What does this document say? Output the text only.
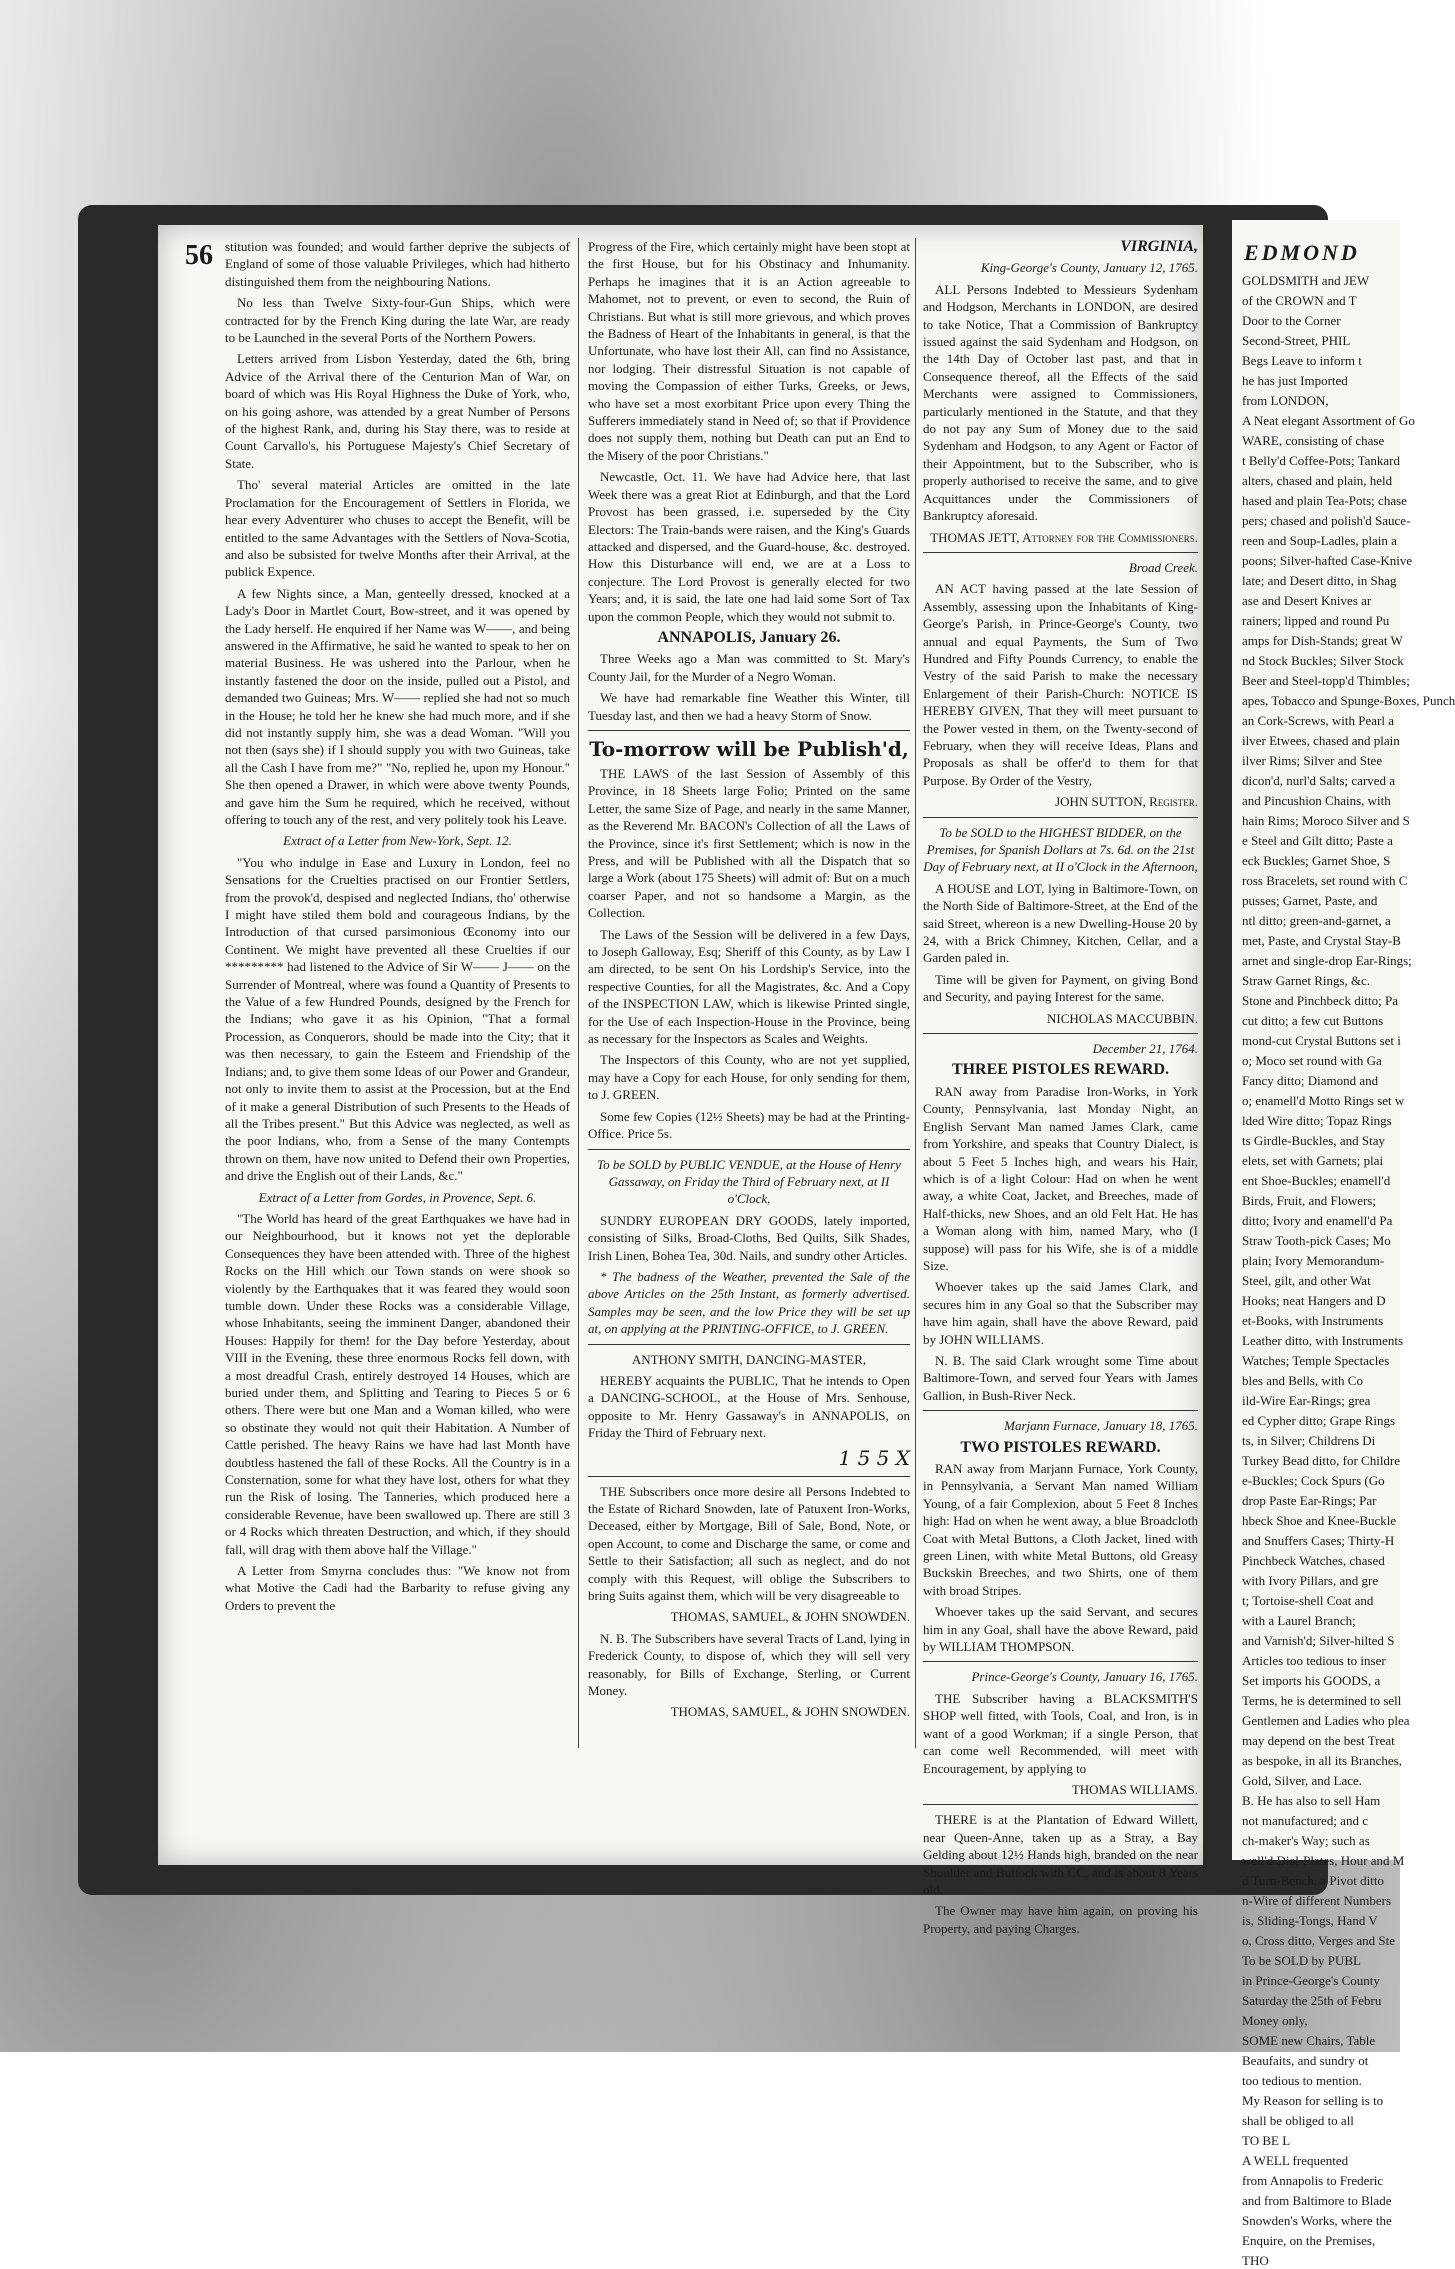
56 stitution was founded; and would farther deprive the subjects of England of some of those valuable Privileges, which had hitherto distinguished them from the neighbouring Nations.

No less than Twelve Sixty-four-Gun Ships, which were contracted for by the French King during the late War, are ready to be Launched in the several Ports of the Northern Powers.

Letters arrived from Lisbon Yesterday, dated the 6th, bring Advice of the Arrival there of the Centurion Man of War, on board of which was His Royal Highness the Duke of York, who, on his going ashore, was attended by a great Number of Persons of the highest Rank, and, during his Stay there, was to reside at Count Carvallo's, his Portuguese Majesty's Chief Secretary of State.

Tho' several material Articles are omitted in the late Proclamation for the Encouragement of Settlers in Florida, we hear every Adventurer who chuses to accept the Benefit, will be entitled to the same Advantages with the Settlers of Nova-Scotia, and also be subsisted for twelve Months after their Arrival, at the publick Expence.

A few Nights since, a Man, genteelly dressed, knocked at a Lady's Door in Martlet Court, Bow-street, and it was opened by the Lady herself. He enquired if her Name was W——, and being answered in the Affirmative, he said he wanted to speak to her on material Business. He was ushered into the Parlour, when he instantly fastened the door on the inside, pulled out a Pistol, and demanded two Guineas; Mrs. W—— replied she had not so much in the House; he told her he knew she had much more, and if she did not instantly supply him, she was a dead Woman. "Will you not then (says she) if I should supply you with two Guineas, take all the Cash I have from me?" "No, replied he, upon my Honour." She then opened a Drawer, in which were above twenty Pounds, and gave him the Sum he required, which he received, without offering to touch any of the rest, and very politely took his Leave.

Extract of a Letter from New-York, Sept. 12.

"You who indulge in Ease and Luxury in London, feel no Sensations for the Cruelties practised on our Frontier Settlers, from the provok'd, despised and neglected Indians, tho' otherwise I might have stiled them bold and courageous Indians, by the Introduction of that cursed parsimonious Œconomy into our Continent. We might have prevented all these Cruelties if our ********* had listened to the Advice of Sir W—— J—— on the Surrender of Montreal, where was found a Quantity of Presents to the Value of a few Hundred Pounds, designed by the French for the Indians; who gave it as his Opinion, "That a formal Procession, as Conquerors, should be made into the City; that it was then necessary, to gain the Esteem and Friendship of the Indians; and, to give them some Ideas of our Power and Grandeur, not only to invite them to assist at the Procession, but at the End of it make a general Distribution of such Presents to the Heads of all the Tribes present." But this Advice was neglected, as well as the poor Indians, who, from a Sense of the many Contempts thrown on them, have now united to Defend their own Properties, and drive the English out of their Lands, &c."

Extract of a Letter from Gordes, in Provence, Sept. 6.

"The World has heard of the great Earthquakes we have had in our Neighbourhood, but it knows not yet the deplorable Consequences they have been attended with. Three of the highest Rocks on the Hill which our Town stands on were shook so violently by the Earthquakes that it was feared they would soon tumble down. Under these Rocks was a considerable Village, whose Inhabitants, seeing the imminent Danger, abandoned their Houses: Happily for them! for the Day before Yesterday, about VIII in the Evening, these three enormous Rocks fell down, with a most dreadful Crash, entirely destroyed 14 Houses, which are buried under them, and Splitting and Tearing to Pieces 5 or 6 others. There were but one Man and a Woman killed, who were so obstinate they would not quit their Habitation. A Number of Cattle perished. The heavy Rains we have had last Month have doubtless hastened the fall of these Rocks. All the Country is in a Consternation, some for what they have lost, others for what they run the Risk of losing. The Tanneries, which produced here a considerable Revenue, have been swallowed up. There are still 3 or 4 Rocks which threaten Destruction, and which, if they should fall, will drag with them above half the Village."

A Letter from Smyrna concludes thus: "We know not from what Motive the Cadi had the Barbarity to refuse giving any Orders to prevent the

Progress of the Fire, which certainly might have been stopt at the first House, but for his Obstinacy and Inhumanity. Perhaps he imagines that it is an Action agreeable to Mahomet, not to prevent, or even to second, the Ruin of Christians. But what is still more grievous, and which proves the Badness of Heart of the Inhabitants in general, is that the Unfortunate, who have lost their All, can find no Assistance, nor lodging. Their distressful Situation is not capable of moving the Compassion of either Turks, Greeks, or Jews, who have set a most exorbitant Price upon every Thing the Sufferers immediately stand in Need of; so that if Providence does not supply them, nothing but Death can put an End to the Misery of the poor Christians."

Newcastle, Oct. 11. We have had Advice here, that last Week there was a great Riot at Edinburgh, and that the Lord Provost has been grassed, i.e. superseded by the City Electors: The Train-bands were raisen, and the King's Guards attacked and dispersed, and the Guard-house, &c. destroyed. How this Disturbance will end, we are at a Loss to conjecture. The Lord Provost is generally elected for two Years; and, it is said, the late one had laid some Sort of Tax upon the common People, which they would not submit to.

ANNAPOLIS, January 26.

Three Weeks ago a Man was committed to St. Mary's County Jail, for the Murder of a Negro Woman.

We have had remarkable fine Weather this Winter, till Tuesday last, and then we had a heavy Storm of Snow.

To-morrow will be Publish'd,

THE LAWS of the last Session of Assembly of this Province, in 18 Sheets large Folio; Printed on the same Letter, the same Size of Page, and nearly in the same Manner, as the Reverend Mr. BACON's Collection of all the Laws of the Province, since it's first Settlement; which is now in the Press, and will be Published with all the Dispatch that so large a Work (about 175 Sheets) will admit of: But on a much coarser Paper, and not so handsome a Margin, as the Collection.

The Laws of the Session will be delivered in a few Days, to Joseph Galloway, Esq; Sheriff of this County, as by Law I am directed, to be sent On his Lordship's Service, into the respective Counties, for all the Magistrates, &c. And a Copy of the INSPECTION LAW, which is likewise Printed single, for the Use of each Inspection-House in the Province, being as necessary for the Inspectors as Scales and Weights.

The Inspectors of this County, who are not yet supplied, may have a Copy for each House, for only sending for them, to J. GREEN.

Some few Copies (12½ Sheets) may be had at the Printing-Office. Price 5s.

To be SOLD by PUBLIC VENDUE, at the House of Henry Gassaway, on Friday the Third of February next, at II o'Clock,

SUNDRY EUROPEAN DRY GOODS, lately imported, consisting of Silks, Broad-Cloths, Bed Quilts, Silk Shades, Irish Linen, Bohea Tea, 30d. Nails, and sundry other Articles.

* The badness of the Weather, prevented the Sale of the above Articles on the 25th Instant, as formerly advertised. Samples may be seen, and the low Price they will be set up at, on applying at the PRINTING-OFFICE, to J. GREEN.

ANTHONY SMITH, DANCING-MASTER,

HEREBY acquaints the PUBLIC, That he intends to Open a DANCING-SCHOOL, at the House of Mrs. Senhouse, opposite to Mr. Henry Gassaway's in ANNAPOLIS, on Friday the Third of February next.

1 5 5 X

THE Subscribers once more desire all Persons Indebted to the Estate of Richard Snowden, late of Patuxent Iron-Works, Deceased, either by Mortgage, Bill of Sale, Bond, Note, or open Account, to come and Discharge the same, or come and Settle to their Satisfaction; all such as neglect, and do not comply with this Request, will oblige the Subscribers to bring Suits against them, which will be very disagreeable to

THOMAS, SAMUEL, & JOHN SNOWDEN.

N. B. The Subscribers have several Tracts of Land, lying in Frederick County, to dispose of, which they will sell very reasonably, for Bills of Exchange, Sterling, or Current Money.

THOMAS, SAMUEL, & JOHN SNOWDEN.

VIRGINIA,

King-George's County, January 12, 1765.

ALL Persons Indebted to Messieurs Sydenham and Hodgson, Merchants in LONDON, are desired to take Notice, That a Commission of Bankruptcy issued against the said Sydenham and Hodgson, on the 14th Day of October last past, and that in Consequence thereof, all the Effects of the said Merchants were assigned to Commissioners, particularly mentioned in the Statute, and that they do not pay any Sum of Money due to the said Sydenham and Hodgson, to any Agent or Factor of their Appointment, but to the Subscriber, who is properly authorised to receive the same, and to give Acquittances under the Commissioners of Bankruptcy aforesaid.

THOMAS JETT, Attorney for the Commissioners.

Broad Creek.

AN ACT having passed at the late Session of Assembly, assessing upon the Inhabitants of King-George's Parish, in Prince-George's County, two annual and equal Payments, the Sum of Two Hundred and Fifty Pounds Currency, to enable the Vestry of the said Parish to make the necessary Enlargement of their Parish-Church: NOTICE IS HEREBY GIVEN, That they will meet pursuant to the Power vested in them, on the Twenty-second of February, when they will receive Ideas, Plans and Proposals as shall be offer'd to them for that Purpose. By Order of the Vestry,

JOHN SUTTON, Register.

To be SOLD to the HIGHEST BIDDER, on the Premises, for Spanish Dollars at 7s. 6d. on the 21st Day of February next, at II o'Clock in the Afternoon,

A HOUSE and LOT, lying in Baltimore-Town, on the North Side of Baltimore-Street, at the End of the said Street, whereon is a new Dwelling-House 20 by 24, with a Brick Chimney, Kitchen, Cellar, and a Garden paled in.

Time will be given for Payment, on giving Bond and Security, and paying Interest for the same.

NICHOLAS MACCUBBIN.

December 21, 1764.

THREE PISTOLES REWARD.

RAN away from Paradise Iron-Works, in York County, Pennsylvania, last Monday Night, an English Servant Man named James Clark, came from Yorkshire, and speaks that Country Dialect, is about 5 Feet 5 Inches high, and wears his Hair, which is of a light Colour: Had on when he went away, a white Coat, Jacket, and Breeches, made of Half-thicks, new Shoes, and an old Felt Hat. He has a Woman along with him, named Mary, who (I suppose) will pass for his Wife, she is of a middle Size.

Whoever takes up the said James Clark, and secures him in any Goal so that the Subscriber may have him again, shall have the above Reward, paid by JOHN WILLIAMS.

N. B. The said Clark wrought some Time about Baltimore-Town, and served four Years with James Gallion, in Bush-River Neck.

Marjann Furnace, January 18, 1765.

TWO PISTOLES REWARD.

RAN away from Marjann Furnace, York County, in Pennsylvania, a Servant Man named William Young, of a fair Complexion, about 5 Feet 8 Inches high: Had on when he went away, a blue Broadcloth Coat with Metal Buttons, a Cloth Jacket, lined with green Linen, with white Metal Buttons, old Greasy Buckskin Breeches, and two Shirts, one of them with broad Stripes.

Whoever takes up the said Servant, and secures him in any Goal, shall have the above Reward, paid by WILLIAM THOMPSON.

Prince-George's County, January 16, 1765.

THE Subscriber having a BLACKSMITH'S SHOP well fitted, with Tools, Coal, and Iron, is in want of a good Workman; if a single Person, that can come well Recommended, will meet with Encouragement, by applying to

THOMAS WILLIAMS.

THERE is at the Plantation of Edward Willett, near Queen-Anne, taken up as a Stray, a Bay Gelding about 12½ Hands high, branded on the near Shoulder and Buttock with CC, and is about 8 Years old.

The Owner may have him again, on proving his Property, and paying Charges.

EDMOND

GOLDSMITH and JEW

of the CROWN and T

Door to the Corner

Second-Street, PHIL

Begs Leave to inform t

he has just Imported

from LONDON,

A Neat elegant Assortment of Go

WARE, consisting of chase

t Belly'd Coffee-Pots; Tankard

alters, chased and plain, held

hased and plain Tea-Pots; chase

pers; chased and polish'd Sauce-

reen and Soup-Ladles, plain a

poons; Silver-hafted Case-Knive

late; and Desert ditto, in Shag

ase and Desert Knives ar

rainers; lipped and round Pu

amps for Dish-Stands; great W

nd Stock Buckles; Silver Stock

Beer and Steel-topp'd Thimbles;

apes, Tobacco and Spunge-Boxes, Punch

an Cork-Screws, with Pearl a

ilver Etwees, chased and plain

ilver Rims; Silver and Stee

dicon'd, nurl'd Salts; carved a

and Pincushion Chains, with

hain Rims; Moroco Silver and S

e Steel and Gilt ditto; Paste a

eck Buckles; Garnet Shoe, S

ross Bracelets, set round with C

pusses; Garnet, Paste, and

ntl ditto; green-and-garnet, a

met, Paste, and Crystal Stay-B

arnet and single-drop Ear-Rings;

Straw Garnet Rings, &c.

Stone and Pinchbeck ditto; Pa

cut ditto; a few cut Buttons

mond-cut Crystal Buttons set i

o; Moco set round with Ga

Fancy ditto; Diamond and

o; enamell'd Motto Rings set w

lded Wire ditto; Topaz Rings

ts Girdle-Buckles, and Stay

elets, set with Garnets; plai

ent Shoe-Buckles; enamell'd

Birds, Fruit, and Flowers;

ditto; Ivory and enamell'd Pa

Straw Tooth-pick Cases; Mo

plain; Ivory Memorandum-

Steel, gilt, and other Wat

Hooks; neat Hangers and D

et-Books, with Instruments

Leather ditto, with Instruments

Watches; Temple Spectacles

bles and Bells, with Co

ild-Wire Ear-Rings; grea

ed Cypher ditto; Grape Rings

ts, in Silver; Childrens Di

Turkey Bead ditto, for Childre

e-Buckles; Cock Spurs (Go

drop Paste Ear-Rings; Par

hbeck Shoe and Knee-Buckle

and Snuffers Cases; Thirty-H

Pinchbeck Watches, chased

with Ivory Pillars, and gre

t; Tortoise-shell Coat and

with a Laurel Branch;

and Varnish'd; Silver-hilted S

Articles too tedious to inser

Set imports his GOODS, a

Terms, he is determined to sell

Gentlemen and Ladies who plea

may depend on the best Treat

as bespoke, in all its Branches,

Gold, Silver, and Lace.

B. He has also to sell Ham

not manufactured; and c

ch-maker's Way; such as

well'd Dial-Plates, Hour and M

d Turn-Bench, a Pivot ditto

n-Wire of different Numbers

is, Sliding-Tongs, Hand V

o, Cross ditto, Verges and Ste

To be SOLD by PUBL

in Prince-George's County

Saturday the 25th of Febru

Money only,

SOME new Chairs, Table

Beaufaits, and sundry ot

too tedious to mention.

My Reason for selling is to

shall be obliged to all

TO BE L

A WELL frequented

from Annapolis to Frederic

and from Baltimore to Blade

Snowden's Works, where the

Enquire, on the Premises,

THO
